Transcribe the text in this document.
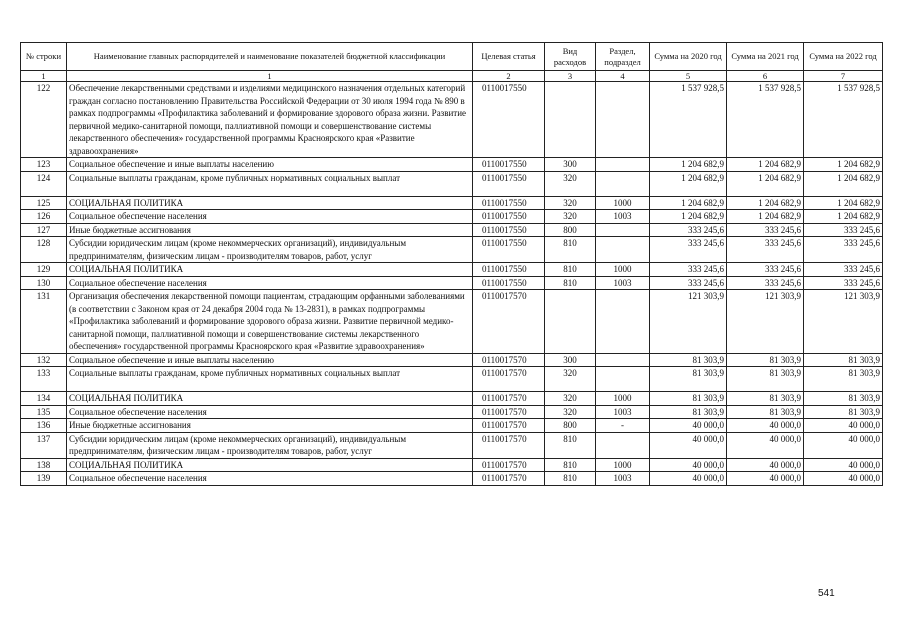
№ строки	Наименование главных распорядителей и наименование показателей бюджетной классификации	Целевая статья	Вид расходов	Раздел, подраздел	Сумма на 2020 год	Сумма на 2021 год	Сумма на 2022 год
1	1	2	3	4	5	6	7
122	Обеспечение лекарственными средствами и изделиями медицинского назначения отдельных категорий граждан согласно постановлению Правительства Российской Федерации от 30 июля 1994 года № 890 в рамках подпрограммы «Профилактика заболеваний и формирование здорового образа жизни. Развитие первичной медико-санитарной помощи, паллиативной помощи и совершенствование системы лекарственного обеспечения» государственной программы Красноярского края «Развитие здравоохранения»	0110017550			1 537 928,5	1 537 928,5	1 537 928,5
123	Социальное обеспечение и иные выплаты населению	0110017550	300		1 204 682,9	1 204 682,9	1 204 682,9
124	Социальные выплаты гражданам, кроме публичных нормативных социальных выплат	0110017550	320		1 204 682,9	1 204 682,9	1 204 682,9
125	СОЦИАЛЬНАЯ ПОЛИТИКА	0110017550	320	1000	1 204 682,9	1 204 682,9	1 204 682,9
126	Социальное обеспечение населения	0110017550	320	1003	1 204 682,9	1 204 682,9	1 204 682,9
127	Иные бюджетные ассигнования	0110017550	800		333 245,6	333 245,6	333 245,6
128	Субсидии юридическим лицам (кроме некоммерческих организаций), индивидуальным предпринимателям, физическим лицам - производителям товаров, работ, услуг	0110017550	810		333 245,6	333 245,6	333 245,6
129	СОЦИАЛЬНАЯ ПОЛИТИКА	0110017550	810	1000	333 245,6	333 245,6	333 245,6
130	Социальное обеспечение населения	0110017550	810	1003	333 245,6	333 245,6	333 245,6
131	Организация обеспечения лекарственной помощи пациентам, страдающим орфанными заболеваниями (в соответствии с Законом края от 24 декабря 2004 года № 13-2831), в рамках подпрограммы «Профилактика заболеваний и формирование здорового образа жизни. Развитие первичной медико-санитарной помощи, паллиативной помощи и совершенствование системы лекарственного обеспечения» государственной программы Красноярского края «Развитие здравоохранения»	0110017570			121 303,9	121 303,9	121 303,9
132	Социальное обеспечение и иные выплаты населению	0110017570	300		81 303,9	81 303,9	81 303,9
133	Социальные выплаты гражданам, кроме публичных нормативных социальных выплат	0110017570	320		81 303,9	81 303,9	81 303,9
134	СОЦИАЛЬНАЯ ПОЛИТИКА	0110017570	320	1000	81 303,9	81 303,9	81 303,9
135	Социальное обеспечение населения	0110017570	320	1003	81 303,9	81 303,9	81 303,9
136	Иные бюджетные ассигнования	0110017570	800	-	40 000,0	40 000,0	40 000,0
137	Субсидии юридическим лицам (кроме некоммерческих организаций), индивидуальным предпринимателям, физическим лицам - производителям товаров, работ, услуг	0110017570	810		40 000,0	40 000,0	40 000,0
138	СОЦИАЛЬНАЯ ПОЛИТИКА	0110017570	810	1000	40 000,0	40 000,0	40 000,0
139	Социальное обеспечение населения	0110017570	810	1003	40 000,0	40 000,0	40 000,0
541
